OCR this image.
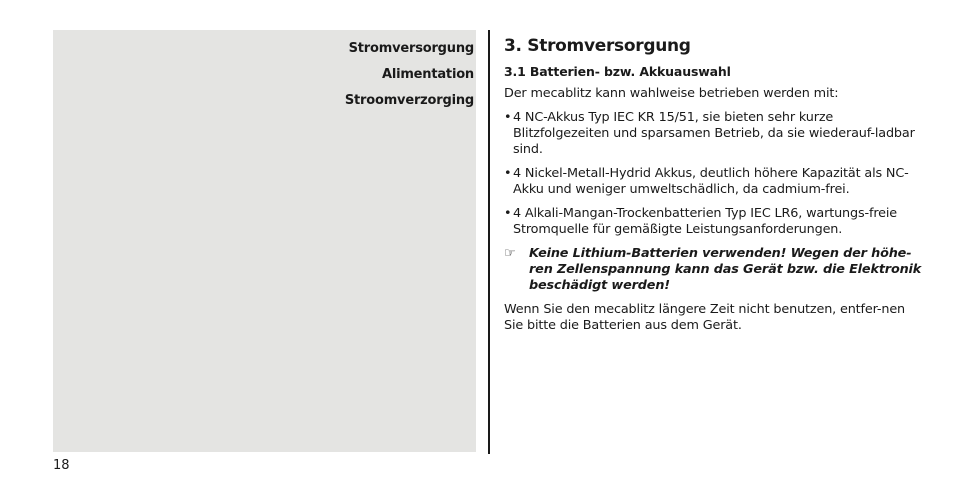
Stromversorgung
Alimentation
Stroomverzorging
3. Stromversorgung
3.1 Batterien- bzw. Akkuauswahl
Der mecablitz kann wahlweise betrieben werden mit:
• 4 NC-Akkus Typ IEC KR 15/51, sie bieten sehr kurze Blitzfolgezeiten und sparsamen Betrieb, da sie wiederauf-ladbar sind.
• 4 Nickel-Metall-Hydrid Akkus, deutlich höhere Kapazität als NC-Akku und weniger umweltschädlich, da cadmium-frei.
• 4 Alkali-Mangan-Trockenbatterien Typ IEC LR6, wartungs-freie Stromquelle für gemäßigte Leistungsanforderungen.
☞ Keine Lithium-Batterien verwenden! Wegen der höhe-ren Zellenspannung kann das Gerät bzw. die Elektronik beschädigt werden!
Wenn Sie den mecablitz längere Zeit nicht benutzen, entfer-nen Sie bitte die Batterien aus dem Gerät.
18
